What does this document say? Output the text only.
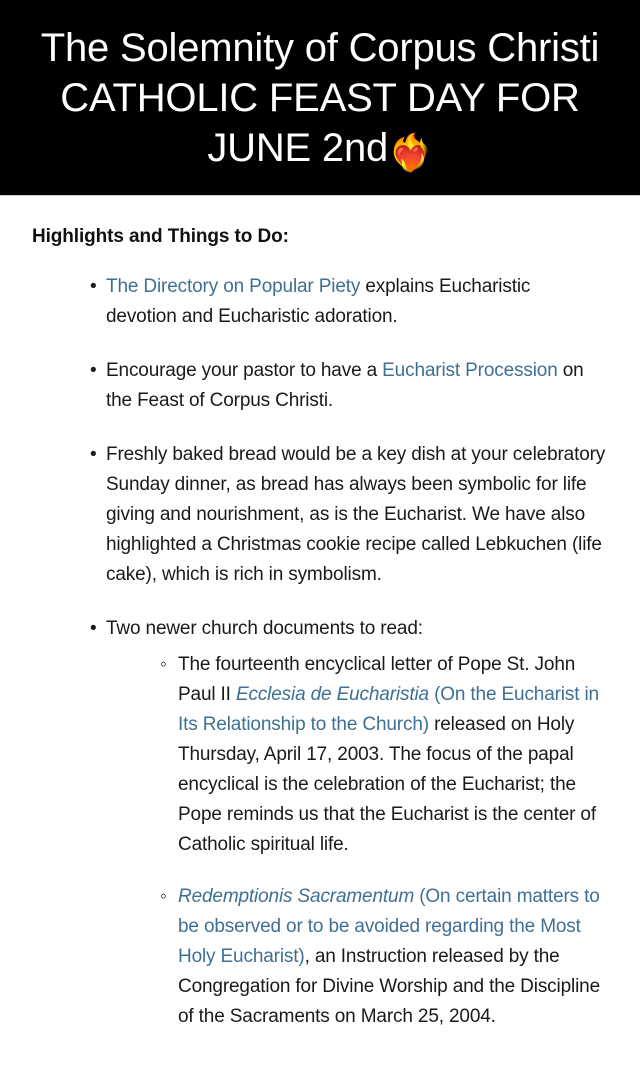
The Solemnity of Corpus Christi CATHOLIC FEAST DAY FOR JUNE 2nd❤️‍🔥
Highlights and Things to Do:
• The Directory on Popular Piety explains Eucharistic devotion and Eucharistic adoration.
• Encourage your pastor to have a Eucharist Procession on the Feast of Corpus Christi.
• Freshly baked bread would be a key dish at your celebratory Sunday dinner, as bread has always been symbolic for life giving and nourishment, as is the Eucharist. We have also highlighted a Christmas cookie recipe called Lebkuchen (life cake), which is rich in symbolism.
• Two newer church documents to read:
◦ The fourteenth encyclical letter of Pope St. John Paul II Ecclesia de Eucharistia (On the Eucharist in Its Relationship to the Church) released on Holy Thursday, April 17, 2003. The focus of the papal encyclical is the celebration of the Eucharist; the Pope reminds us that the Eucharist is the center of Catholic spiritual life.
◦ Redemptionis Sacramentum (On certain matters to be observed or to be avoided regarding the Most Holy Eucharist), an Instruction released by the Congregation for Divine Worship and the Discipline of the Sacraments on March 25, 2004.
